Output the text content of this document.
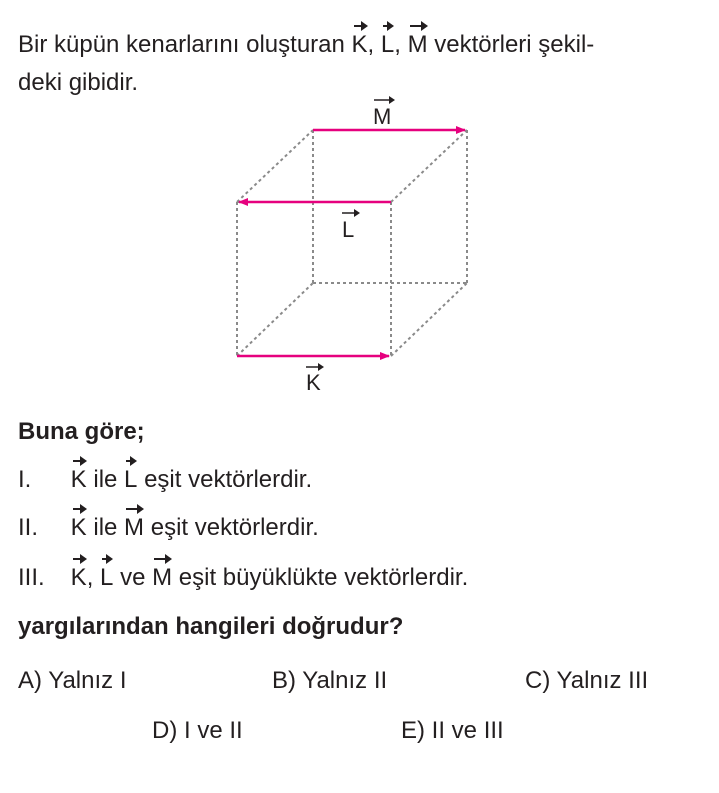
Bir küpün kenarlarını oluşturan K, L, M vektörleri şekil-
deki gibidir.
M
L
K
Buna göre;
I. K ile L eşit vektörlerdir.
II. K ile M eşit vektörlerdir.
III. K, L ve M eşit büyüklükte vektörlerdir.
yargılarından hangileri doğrudur?
A) Yalnız I	B) Yalnız II	C) Yalnız III
D) I ve II	E) II ve III
